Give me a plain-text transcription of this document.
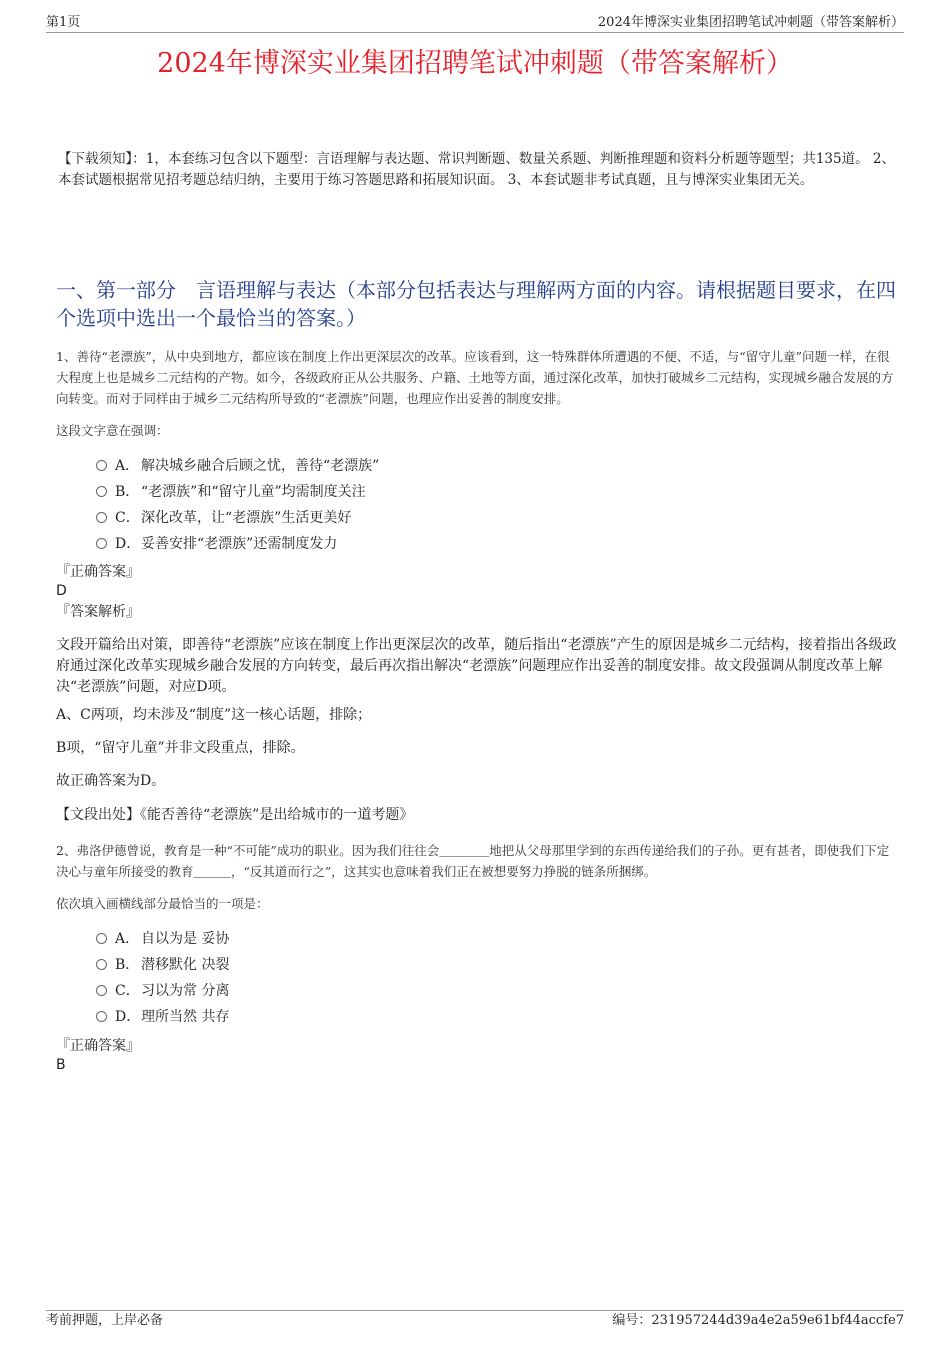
第1页	2024年博深实业集团招聘笔试冲刺题（带答案解析）
2024年博深实业集团招聘笔试冲刺题（带答案解析）
【下载须知】：1，本套练习包含以下题型：言语理解与表达题、常识判断题、数量关系题、判断推理题和资料分析题等题型；共135道。 2、本套试题根据常见招考题总结归纳，主要用于练习答题思路和拓展知识面。 3、本套试题非考试真题，且与博深实业集团无关。
一、第一部分　言语理解与表达（本部分包括表达与理解两方面的内容。请根据题目要求，在四个选项中选出一个最恰当的答案。）
1、善待“老漂族”，从中央到地方，都应该在制度上作出更深层次的改革。应该看到，这一特殊群体所遭遇的不便、不适，与“留守儿童”问题一样，在很大程度上也是城乡二元结构的产物。如今，各级政府正从公共服务、户籍、土地等方面，通过深化改革，加快打破城乡二元结构，实现城乡融合发展的方向转变。而对于同样由于城乡二元结构所导致的“老漂族”问题，也理应作出妥善的制度安排。
这段文字意在强调：
A． 解决城乡融合后顾之忧，善待“老漂族”
B． “老漂族”和“留守儿童”均需制度关注
C．深化改革，让“老漂族”生活更美好
D．妥善安排“老漂族”还需制度发力
『正确答案』
D
『答案解析』
文段开篇给出对策，即善待“老漂族”应该在制度上作出更深层次的改革，随后指出“老漂族”产生的原因是城乡二元结构，接着指出各级政府通过深化改革实现城乡融合发展的方向转变，最后再次指出解决“老漂族”问题理应作出妥善的制度安排。故文段强调从制度改革上解决“老漂族”问题，对应D项。
A、C两项，均未涉及“制度”这一核心话题，排除；
B项，“留守儿童”并非文段重点，排除。
故正确答案为D。
【文段出处】《能否善待“老漂族”是出给城市的一道考题》
2、弗洛伊德曾说，教育是一种“不可能”成功的职业。因为我们往往会＿＿＿＿地把从父母那里学到的东西传递给我们的子孙。更有甚者，即使我们下定决心与童年所接受的教育＿＿＿，“反其道而行之”，这其实也意味着我们正在被想要努力挣脱的链条所捆绑。
依次填入画横线部分最恰当的一项是：
A． 自以为是 妥协
B． 潜移默化 决裂
C．习以为常 分离
D．理所当然 共存
『正确答案』
B
考前押题，上岸必备	编号：231957244d39a4e2a59e61bf44accfe7
